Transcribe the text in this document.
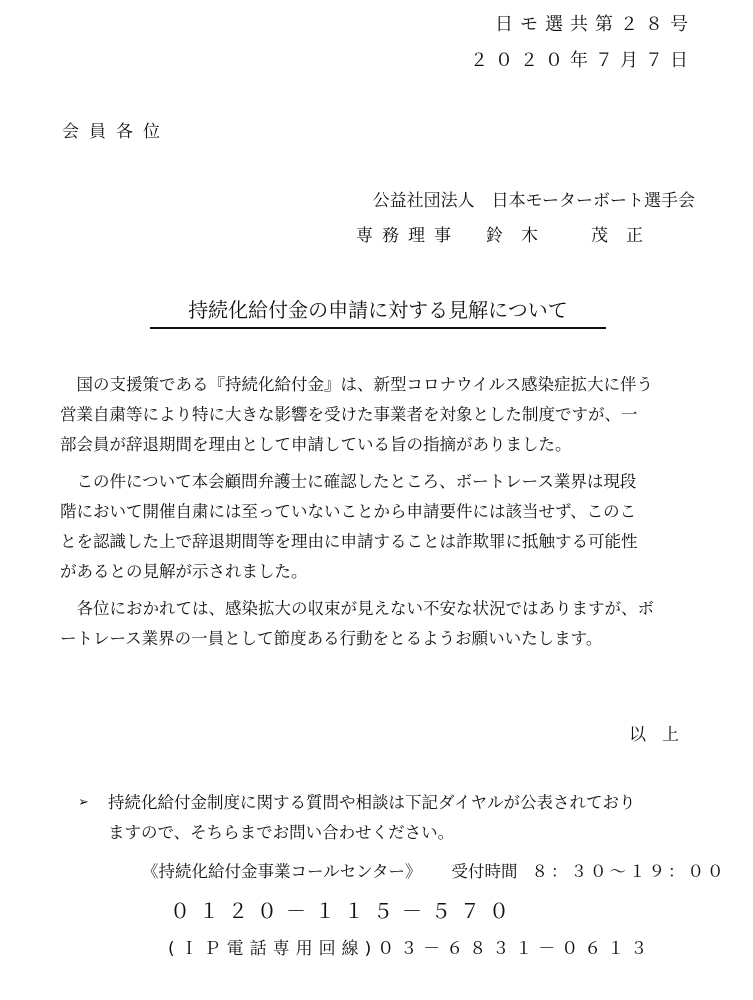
日モ選共第２８号
２０２０年７月７日
会員各位
公益社団法人　日本モーターボート選手会
専務理事 鈴木　茂正
持続化給付金の申請に対する見解について
　国の支援策である『持続化給付金』は、新型コロナウイルス感染症拡大に伴う
営業自粛等により特に大きな影響を受けた事業者を対象とした制度ですが、一
部会員が辞退期間を理由として申請している旨の指摘がありました。
　この件について本会顧問弁護士に確認したところ、ボートレース業界は現段
階において開催自粛には至っていないことから申請要件には該当せず、このこ
とを認識した上で辞退期間等を理由に申請することは詐欺罪に抵触する可能性
があるとの見解が示されました。
　各位におかれては、感染拡大の収束が見えない不安な状況ではありますが、ボ
ートレース業界の一員として節度ある行動をとるようお願いいたします。
以上
➢	持続化給付金制度に関する質問や相談は下記ダイヤルが公表されており
ますので、そちらまでお問い合わせください。
《持続化給付金事業コールセンター》 受付時間 ８：３０～１９：００
０１２０－１１５－５７０
(ＩＰ電話専用回線)０３－６８３１－０６１３
